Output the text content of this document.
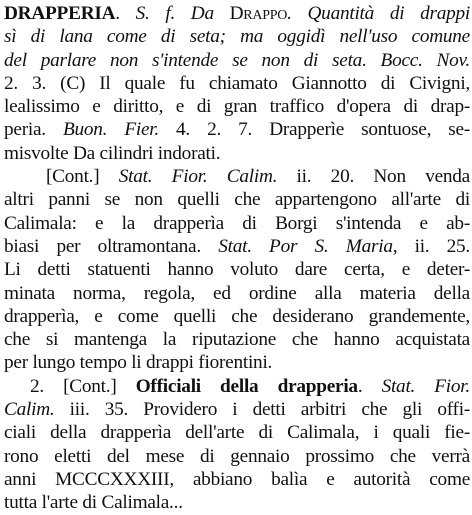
DRAPPERIA. S. f. Da Drappo. Quantità di drappi
sì di lana come di seta; ma oggidì nell'uso comune
del parlare non s'intende se non di seta. Bocc. Nov.
2. 3. (C) Il quale fu chiamato Giannotto di Civigni,
lealissimo e diritto, e di gran traffico d'opera di drap-
peria. Buon. Fier. 4. 2. 7. Drapperìe sontuose, se-
misvolte Da cilindri indorati.
[Cont.] Stat. Fior. Calim. ii. 20. Non venda
altri panni se non quelli che appartengono all'arte di
Calimala: e la drapperìa di Borgi s'intenda e ab-
biasi per oltramontana. Stat. Por S. Maria, ii. 25.
Li detti statuenti hanno voluto dare certa, e deter-
minata norma, regola, ed ordine alla materia della
drapperìa, e come quelli che desiderano grandemente,
che si mantenga la riputazione che hanno acquistata
per lungo tempo li drappi fiorentini.
2. [Cont.] Officiali della drapperia. Stat. Fior.
Calim. iii. 35. Providero i detti arbitri che gli offi-
ciali della drapperìa dell'arte di Calimala, i quali fie-
rono eletti del mese di gennaio prossimo che verrà
anni MCCCXXXIII, abbiano balìa e autorità come
tutta l'arte di Calimala...
